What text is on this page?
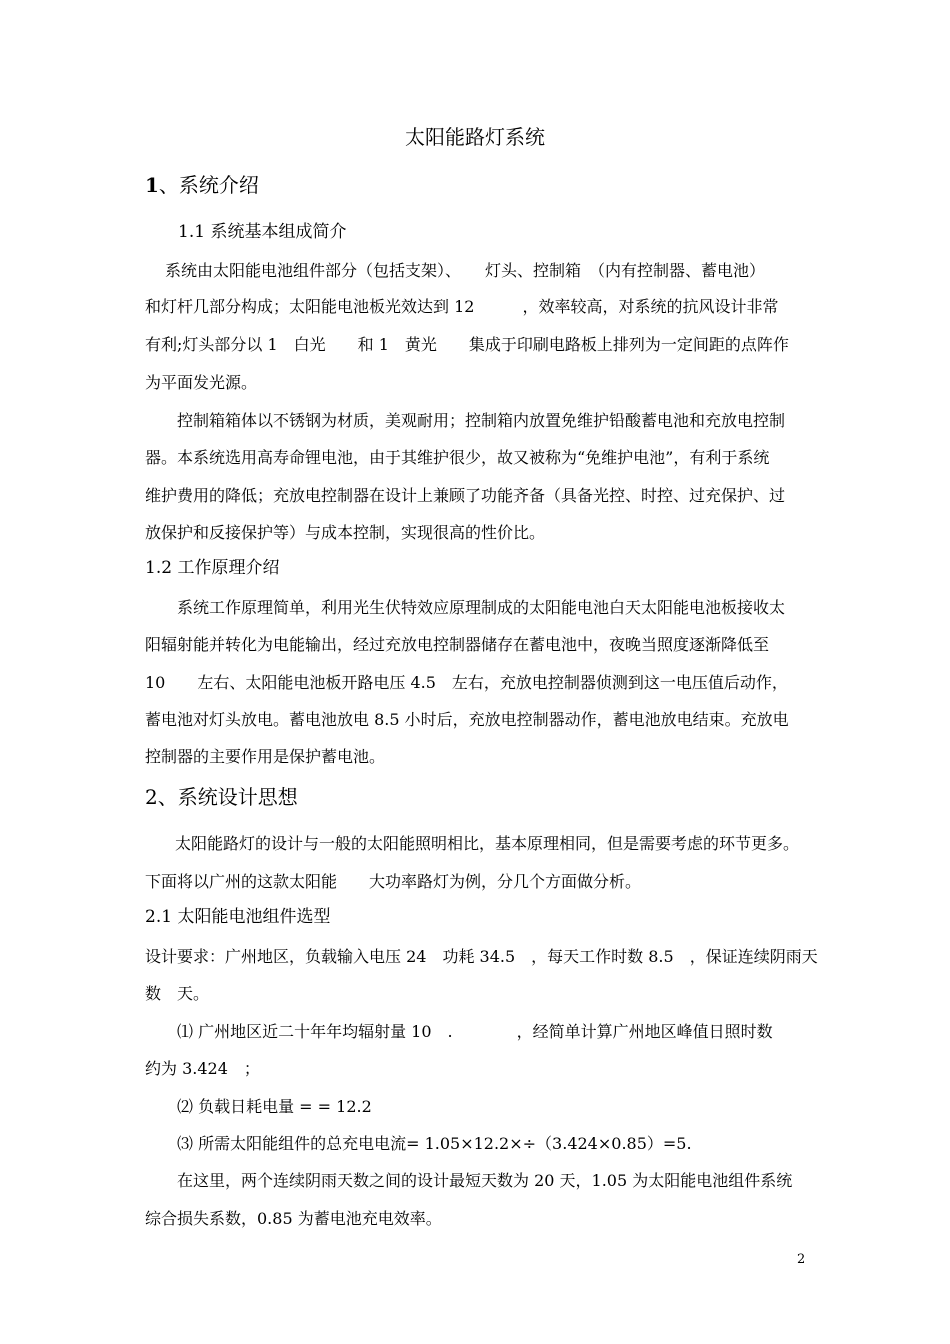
太阳能路灯系统
1、系统介绍
1.1 系统基本组成简介

系统由太阳能电池组件部分（包括支架）、　　灯头、控制箱　（内有控制器、蓄电池）

和灯杆几部分构成；太阳能电池板光效达到 12　　　，效率较高，对系统的抗风设计非常

有利;灯头部分以 1　白光　　和 1　黄光　　集成于印刷电路板上排列为一定间距的点阵作

为平面发光源。

控制箱箱体以不锈钢为材质，美观耐用；控制箱内放置免维护铅酸蓄电池和充放电控制

器。本系统选用高寿命锂电池，由于其维护很少，故又被称为“免维护电池”，有利于系统

维护费用的降低；充放电控制器在设计上兼顾了功能齐备（具备光控、时控、过充保护、过

放保护和反接保护等）与成本控制，实现很高的性价比。

1.2 工作原理介绍

系统工作原理简单，利用光生伏特效应原理制成的太阳能电池白天太阳能电池板接收太

阳辐射能并转化为电能输出，经过充放电控制器储存在蓄电池中，夜晚当照度逐渐降低至

10　　左右、太阳能电池板开路电压 4.5　左右，充放电控制器侦测到这一电压值后动作，

蓄电池对灯头放电。蓄电池放电 8.5 小时后，充放电控制器动作，蓄电池放电结束。充放电

控制器的主要作用是保护蓄电池。

2、系统设计思想

太阳能路灯的设计与一般的太阳能照明相比，基本原理相同，但是需要考虑的环节更多。

下面将以广州的这款太阳能　　大功率路灯为例，分几个方面做分析。

2.1 太阳能电池组件选型

设计要求：广州地区，负载输入电压 24　功耗 34.5　，每天工作时数 8.5　，保证连续阴雨天

数　天。

⑴ 广州地区近二十年年均辐射量 10　.　　　　，经简单计算广州地区峰值日照时数

约为 3.424　；

⑵ 负载日耗电量 = = 12.2

⑶ 所需太阳能组件的总充电电流= 1.05×12.2×÷（3.424×0.85）=5.

在这里，两个连续阴雨天数之间的设计最短天数为 20 天，1.05 为太阳能电池组件系统

综合损失系数，0.85 为蓄电池充电效率。

2
